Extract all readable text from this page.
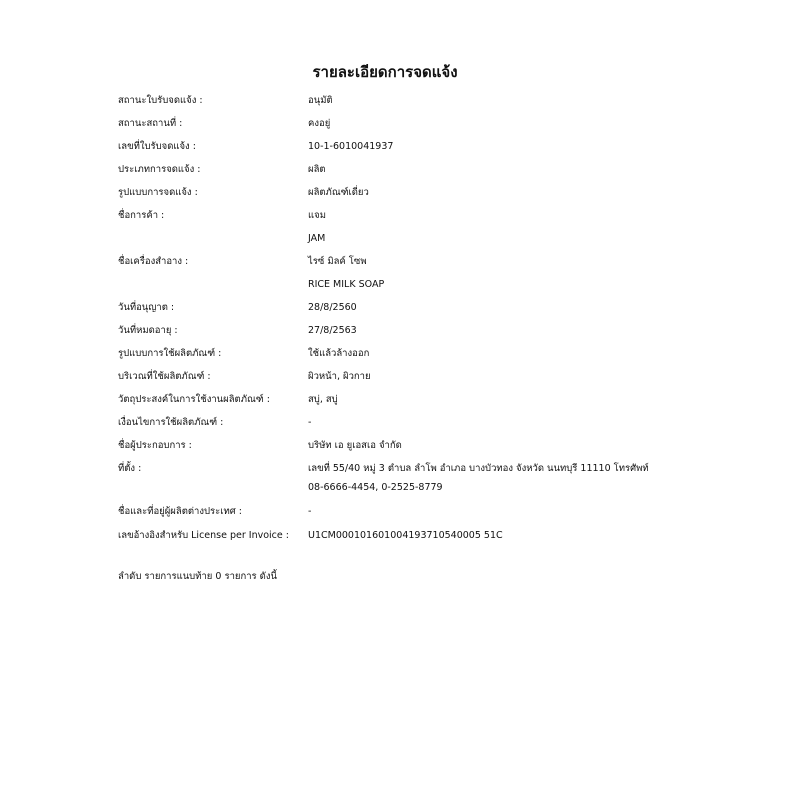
รายละเอียดการจดแจ้ง
สถานะใบรับจดแจ้ง :	อนุมัติ
สถานะสถานที่ :	คงอยู่
เลขที่ใบรับจดแจ้ง :	10-1-6010041937
ประเภทการจดแจ้ง :	ผลิต
รูปแบบการจดแจ้ง :	ผลิตภัณฑ์เดี่ยว
ชื่อการค้า :	แจม
JAM
ชื่อเครื่องสำอาง :	ไรซ์ มิลค์ โซพ
RICE MILK SOAP
วันที่อนุญาต :	28/8/2560
วันที่หมดอายุ :	27/8/2563
รูปแบบการใช้ผลิตภัณฑ์ :	ใช้แล้วล้างออก
บริเวณที่ใช้ผลิตภัณฑ์ :	ผิวหน้า, ผิวกาย
วัตถุประสงค์ในการใช้งานผลิตภัณฑ์ :	สบู่, สบู่
เงื่อนไขการใช้ผลิตภัณฑ์ :	-
ชื่อผู้ประกอบการ :	บริษัท เอ ยูเอสเอ จำกัด
ที่ตั้ง :	เลขที่ 55/40 หมู่ 3 ตำบล ลำโพ อำเภอ บางบัวทอง จังหวัด นนทบุรี 11110 โทรศัพท์
08-6666-4454, 0-2525-8779
ชื่อและที่อยู่ผู้ผลิตต่างประเทศ :	-
เลขอ้างอิงสำหรับ License per Invoice :	U1CM000101601004193710540005 51C
ลำดับ รายการแนบท้าย 0 รายการ ดังนี้
